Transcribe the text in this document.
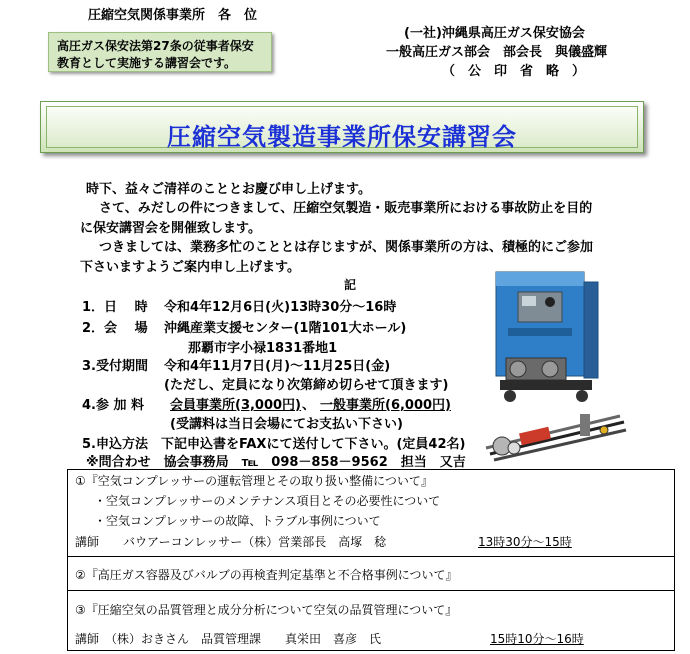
圧縮空気関係事業所　各　位
高圧ガス保安法第27条の従事者保安
教育として実施する講習会です。
(一社)沖縄県高圧ガス保安協会
一般高圧ガス部会　部会長　與儀盛輝
（　公　印　省　略　）
圧縮空気製造事業所保安講習会
時下、益々ご清祥のこととお慶び申し上げます。
　さて、みだしの件につきまして、圧縮空気製造・販売事業所における事故防止を目的
に保安講習会を開催致します。
　つきましては、業務多忙のこととは存じますが、関係事業所の方は、積極的にご参加
下さいますようご案内申し上げます。
記
1．日　 時 令和4年12月6日(火)13時30分～16時
2．会　 場 沖縄産業支援センター(1階101大ホール)
那覇市字小禄1831番地1
3.受付期間 令和4年11月7日(月)～11月25日(金)
(ただし、定員になり次第締め切らせて頂きます)
4.参 加 料 会員事業所(3,000円) 、 一般事業所(6,000円)
(受講料は当日会場にてお支払い下さい)
5.申込方法　下記申込書をFAXにて送付して下さい。(定員42名)
※問合わせ　協会事務局　℡　098－858－9562　担当　又吉
①『空気コンプレッサーの運転管理とその取り扱い整備について』
・空気コンプレッサーのメンテナンス項目とその必要性について
・空気コンプレッサーの故障、トラブル事例について
講師　　バウアーコンレッサー（株）営業部長　高塚　稔	13時30分～15時
②『高圧ガス容器及びバルブの再検査判定基準と不合格事例について』
③『圧縮空気の品質管理と成分分析について空気の品質管理について』
講師　（株）おきさん　品質管理課　　真栄田　喜彦　氏	15時10分～16時
